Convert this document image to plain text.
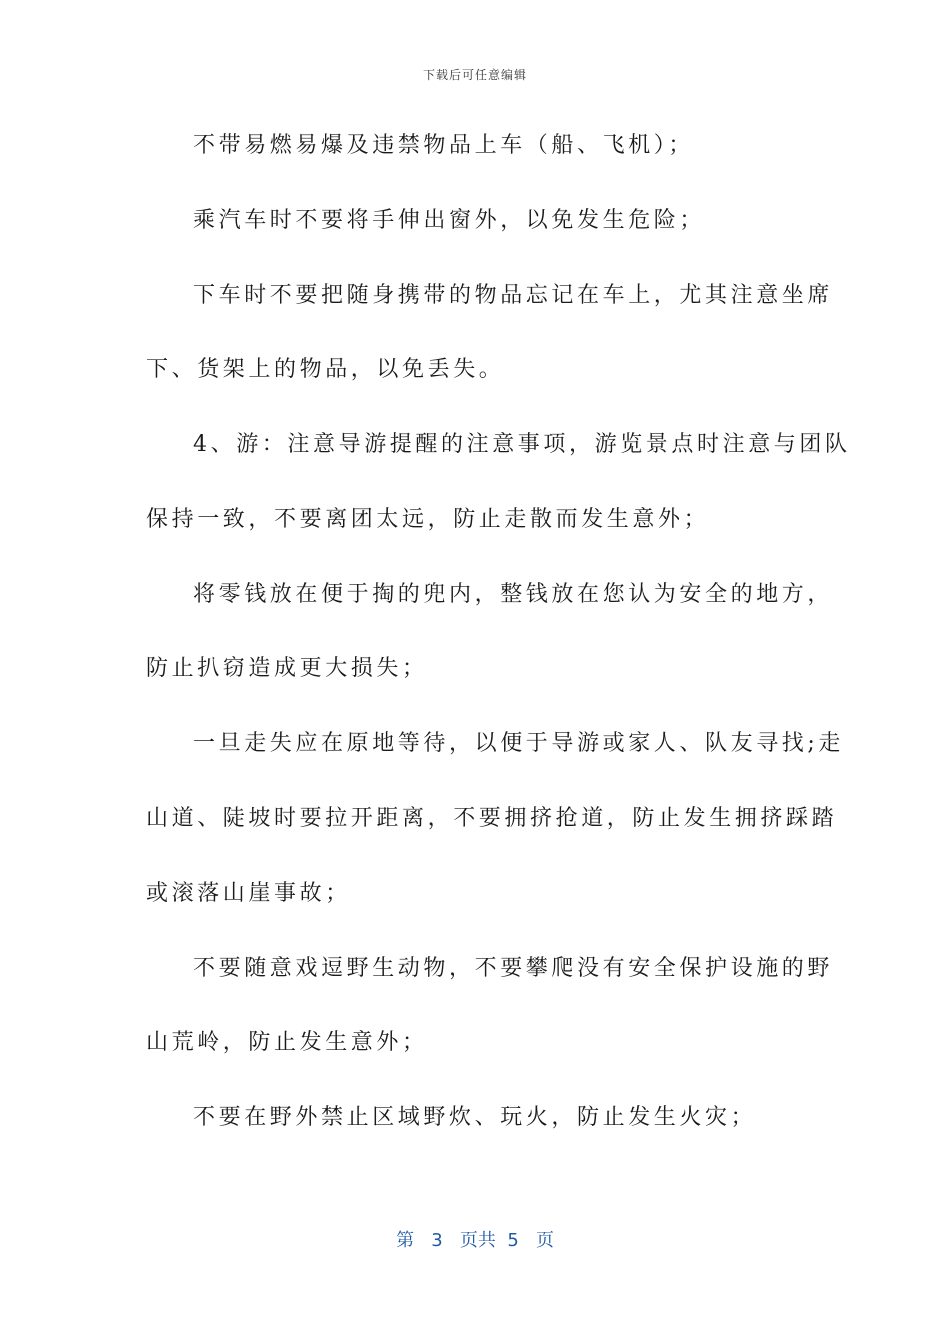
下载后可任意编辑
不带易燃易爆及违禁物品上车（船、飞机）；
乘汽车时不要将手伸出窗外，以免发生危险；
下车时不要把随身携带的物品忘记在车上，尤其注意坐席
下、货架上的物品，以免丢失。
4、游：注意导游提醒的注意事项，游览景点时注意与团队
保持一致，不要离团太远，防止走散而发生意外；
将零钱放在便于掏的兜内，整钱放在您认为安全的地方，
防止扒窃造成更大损失；
一旦走失应在原地等待，以便于导游或家人、队友寻找;走
山道、陡坡时要拉开距离，不要拥挤抢道，防止发生拥挤踩踏
或滚落山崖事故；
不要随意戏逗野生动物，不要攀爬没有安全保护设施的野
山荒岭，防止发生意外；
不要在野外禁止区域野炊、玩火，防止发生火灾；
第 3 页共 5 页
